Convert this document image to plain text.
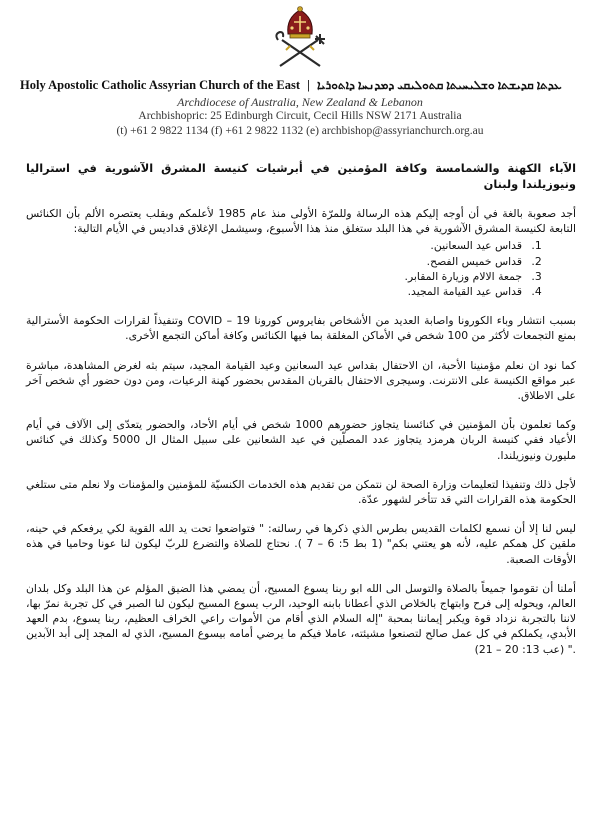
Holy Apostolic Catholic Assyrian Church of the East | ܥܕܬܐ ܩܕܝܫܬܐ ܘܫܠܝܚܝܬܐ ܩܬܘܠܝܩܝ ܕܡܕܢܚܐ ܕܐܬܘܪܝܐ
Archdiocese of Australia, New Zealand & Lebanon
Archbishopric: 25 Edinburgh Circuit, Cecil Hills NSW 2171 Australia
(t) +61 2 9822 1134 (f) +61 2 9822 1132 (e) archbishop@assyrianchurch.org.au

الآباء الكهنة والشمامسة وكافة المؤمنين في أبرشيات كنيسة المشرق الآشورية في استراليا ونيوزيلندا ولبنان

أجد صعوبة بالغة في أن أوجه إليكم هذه الرسالة وللمرّة الأولى منذ عام 1985 لأعلمكم وبقلب يعتصره الألم بأن الكنائس التابعة لكنيسة المشرق الآشورية في هذا البلد ستغلق منذ هذا الأسبوع، وسيشمل الإغلاق قداديس في الأيام التالية:

1. قداس عيد السعانين.
2. قداس خميس الفصح.
3. جمعة الالام وزيارة المقابر.
4. قداس عيد القيامة المجيد.

بسبب انتشار وباء الكورونا واصابة العديد من الأشخاص بفايروس كورونا COVID – 19 وتنفيذاً لقرارات الحكومة الأسترالية بمنع التجمعات لأكثر من 100 شخص في الأماكن المغلقة بما فيها الكنائس وكافة أماكن التجمع الأخرى.

كما نود ان نعلم مؤمنينا الأحبة، ان الاحتفال بقداس عيد السعانين وعيد القيامة المجيد، سيتم بثه لغرض المشاهدة، مباشرة عبر مواقع الكنيسة على الانترنت. وسيجرى الاحتفال بالقربان المقدس بحضور كهنة الرعيات، ومن دون حضور أي شخص آخر على الاطلاق.

وكما تعلمون بأن المؤمنين في كنائسنا يتجاوز حضورهم 1000 شخص في أيام الأحاد، والحضور يتعدّى إلى الآلاف في أيام الأعياد ففي كنيسة الربان هرمزد يتجاوز عدد المصلّين في عيد الشعانين على سبيل المثال ال 5000 وكذلك في كنائس مليورن ونيوزيلندا.

لأجل ذلك وتنفيذا لتعليمات وزارة الصحة لن نتمكن من تقديم هذه الخدمات الكنسيّة للمؤمنين والمؤمنات ولا نعلم متى ستلغي الحكومة هذه القرارات التي قد تتأخر لشهور عدّة.

ليس لنا إلا أن نسمع لكلمات القديس بطرس الذي ذكرها في رسالته: " فتواضعوا تحت يد الله القوية لكي يرفعكم في حينه، ملقين كل همكم عليه، لأنه هو يعتني بكم" (1 بط 5: 6 – 7 ). نحتاج للصلاة والتضرع للربّ ليكون لنا عونا وحاميا في هذه الأوقات الصعبة.

أملنا أن تقوموا جميعاً بالصلاة والتوسل الى الله ابو ربنا يسوع المسيح، أن يمضي هذا الضيق المؤلم عن هذا البلد وكل بلدان العالم، ويحوله إلى فرح وابتهاج بالخلاص الذي أعطانا بابنه الوحيد، الرب يسوع المسيح ليكون لنا الصبر في كل تجربة نمرّ بها، لاننا بالتجربة نزداد قوة ويكبر إيماننا بمحبة "إله السلام الذي أقام من الأموات راعي الخراف العظيم، ربنا يسوع، بدم العهد الأبدي، يكملكم في كل عمل صالح لتصنعوا مشيئته، عاملا فيكم ما يرضي أمامه بيسوع المسيح، الذي له المجد إلى أبد الآبدين ." (عب 13: 20 – 21)
